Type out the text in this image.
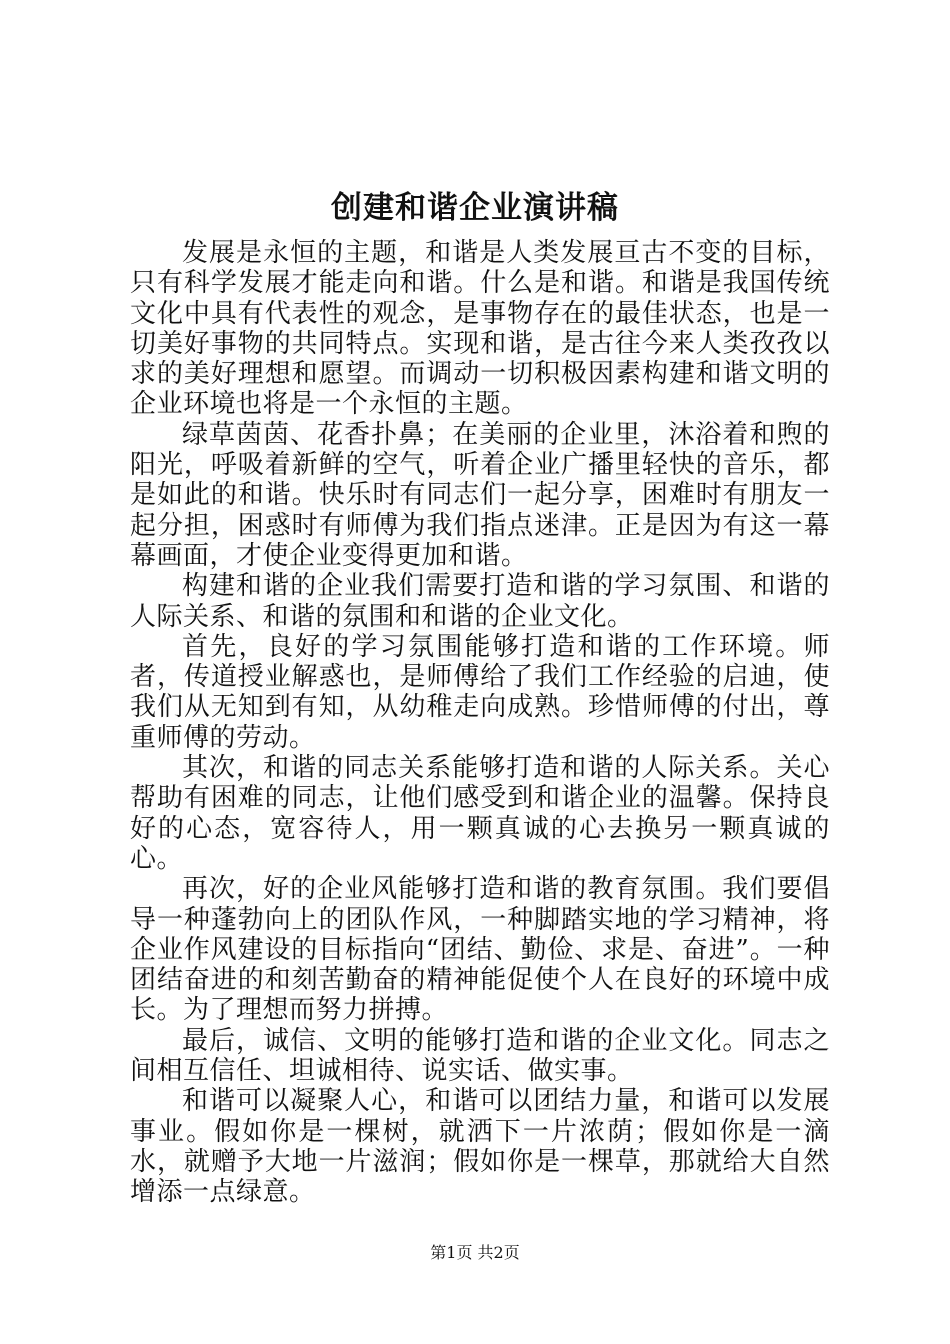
创建和谐企业演讲稿

发展是永恒的主题，和谐是人类发展亘古不变的目标，只有科学发展才能走向和谐。什么是和谐。和谐是我国传统文化中具有代表性的观念，是事物存在的最佳状态，也是一切美好事物的共同特点。实现和谐，是古往今来人类孜孜以求的美好理想和愿望。而调动一切积极因素构建和谐文明的企业环境也将是一个永恒的主题。

绿草茵茵、花香扑鼻；在美丽的企业里，沐浴着和煦的阳光，呼吸着新鲜的空气，听着企业广播里轻快的音乐，都是如此的和谐。快乐时有同志们一起分享，困难时有朋友一起分担，困惑时有师傅为我们指点迷津。正是因为有这一幕幕画面，才使企业变得更加和谐。

构建和谐的企业我们需要打造和谐的学习氛围、和谐的人际关系、和谐的氛围和和谐的企业文化。

首先，良好的学习氛围能够打造和谐的工作环境。师者，传道授业解惑也，是师傅给了我们工作经验的启迪，使我们从无知到有知，从幼稚走向成熟。珍惜师傅的付出，尊重师傅的劳动。

其次，和谐的同志关系能够打造和谐的人际关系。关心帮助有困难的同志，让他们感受到和谐企业的温馨。保持良好的心态，宽容待人，用一颗真诚的心去换另一颗真诚的心。

再次，好的企业风能够打造和谐的教育氛围。我们要倡导一种蓬勃向上的团队作风，一种脚踏实地的学习精神，将企业作风建设的目标指向“团结、勤俭、求是、奋进”。一种团结奋进的和刻苦勤奋的精神能促使个人在良好的环境中成长。为了理想而努力拼搏。

最后，诚信、文明的能够打造和谐的企业文化。同志之间相互信任、坦诚相待、说实话、做实事。

和谐可以凝聚人心，和谐可以团结力量，和谐可以发展事业。假如你是一棵树，就洒下一片浓荫；假如你是一滴水，就赠予大地一片滋润；假如你是一棵草，那就给大自然增添一点绿意。

第1页 共2页
